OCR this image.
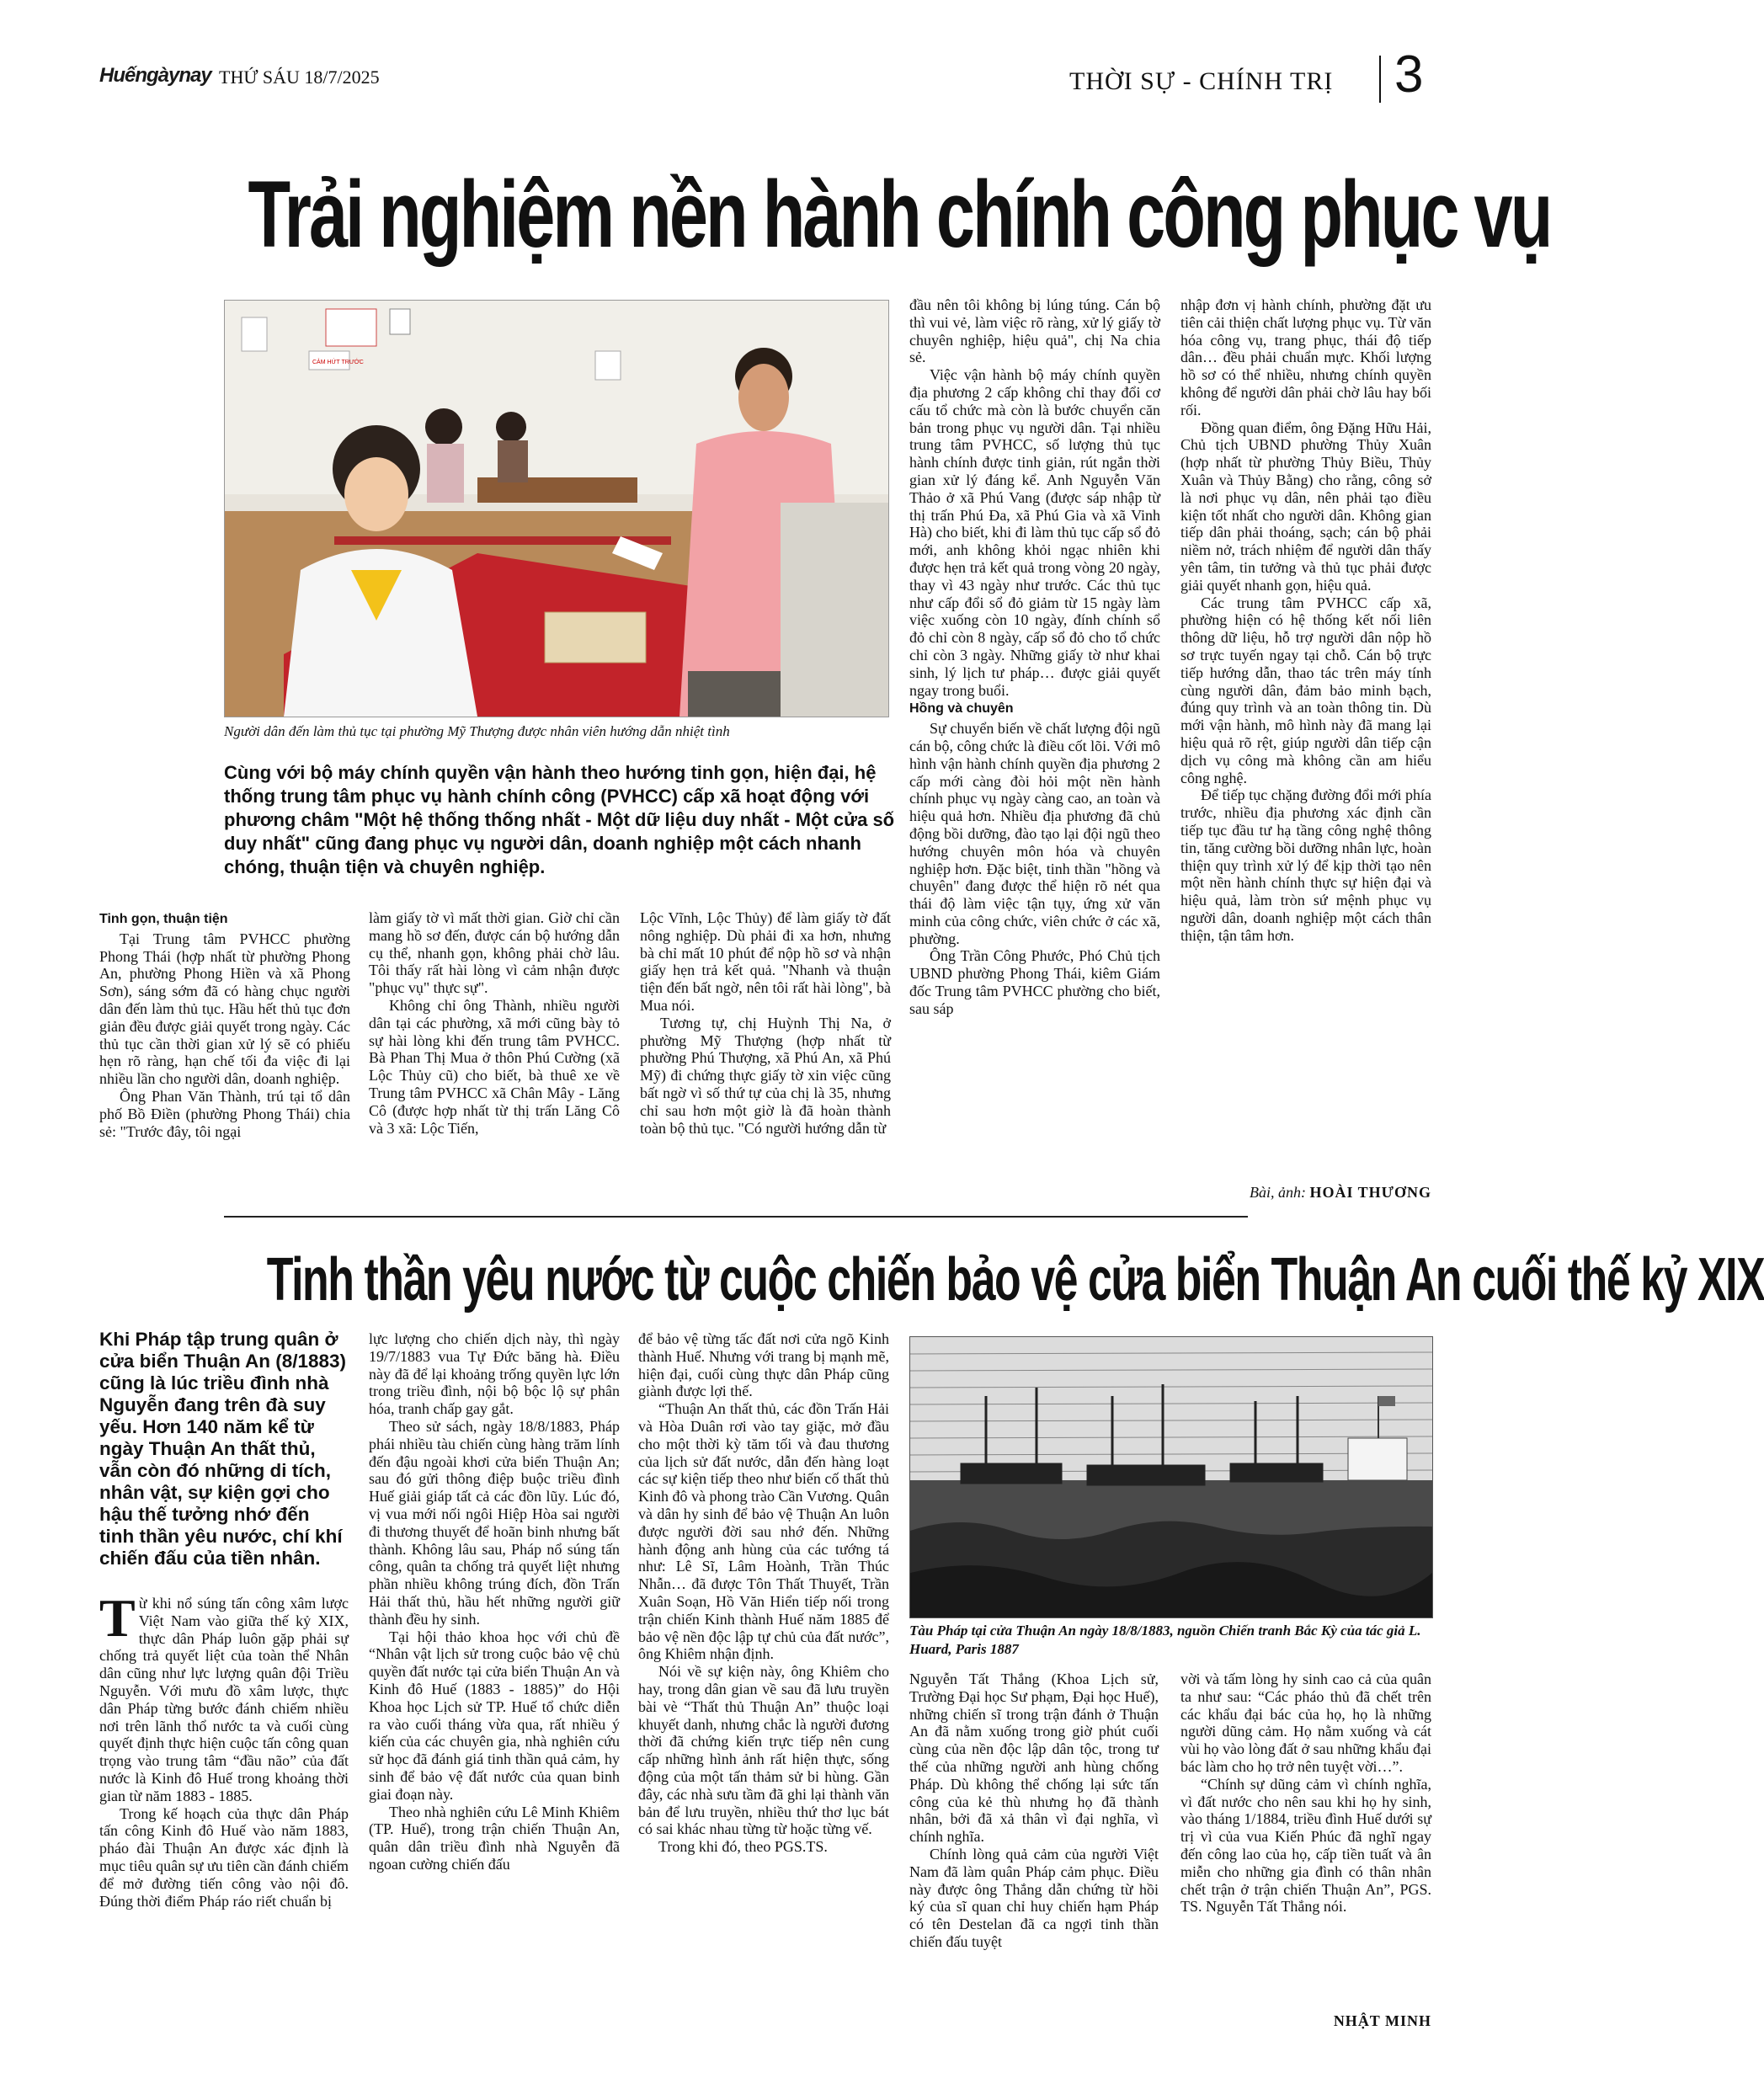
Huếngàynay THỨ SÁU 18/7/2025	THỜI SỰ - CHÍNH TRỊ 3
Trải nghiệm nền hành chính công phục vụ
CẢM HỨT TRƯỚC
Người dân đến làm thủ tục tại phường Mỹ Thượng được nhân viên hướng dẫn nhiệt tình
Cùng với bộ máy chính quyền vận hành theo hướng tinh gọn, hiện đại, hệ thống trung tâm phục vụ hành chính công (PVHCC) cấp xã hoạt động với phương châm "Một hệ thống thống nhất - Một dữ liệu duy nhất - Một cửa số duy nhất" cũng đang phục vụ người dân, doanh nghiệp một cách nhanh chóng, thuận tiện và chuyên nghiệp.
Tinh gọn, thuận tiện

Tại Trung tâm PVHCC phường Phong Thái (hợp nhất từ phường Phong An, phường Phong Hiền và xã Phong Sơn), sáng sớm đã có hàng chục người dân đến làm thủ tục. Hầu hết thủ tục đơn giản đều được giải quyết trong ngày. Các thủ tục cần thời gian xử lý sẽ có phiếu hẹn rõ ràng, hạn chế tối đa việc đi lại nhiều lần cho người dân, doanh nghiệp.

Ông Phan Văn Thành, trú tại tổ dân phố Bồ Điền (phường Phong Thái) chia sẻ: "Trước đây, tôi ngại

làm giấy tờ vì mất thời gian. Giờ chỉ cần mang hồ sơ đến, được cán bộ hướng dẫn cụ thể, nhanh gọn, không phải chờ lâu. Tôi thấy rất hài lòng vì cảm nhận được "phục vụ" thực sự".

Không chỉ ông Thành, nhiều người dân tại các phường, xã mới cũng bày tỏ sự hài lòng khi đến trung tâm PVHCC. Bà Phan Thị Mua ở thôn Phú Cường (xã Lộc Thủy cũ) cho biết, bà thuê xe về Trung tâm PVHCC xã Chân Mây - Lăng Cô (được hợp nhất từ thị trấn Lăng Cô và 3 xã: Lộc Tiến,

Lộc Vĩnh, Lộc Thủy) để làm giấy tờ đất nông nghiệp. Dù phải đi xa hơn, nhưng bà chỉ mất 10 phút để nộp hồ sơ và nhận giấy hẹn trả kết quả. "Nhanh và thuận tiện đến bất ngờ, nên tôi rất hài lòng", bà Mua nói.

Tương tự, chị Huỳnh Thị Na, ở phường Mỹ Thượng (hợp nhất từ phường Phú Thượng, xã Phú An, xã Phú Mỹ) đi chứng thực giấy tờ xin việc cũng bất ngờ vì số thứ tự của chị là 35, nhưng chỉ sau hơn một giờ là đã hoàn thành toàn bộ thủ tục. "Có người hướng dẫn từ

đầu nên tôi không bị lúng túng. Cán bộ thì vui vẻ, làm việc rõ ràng, xử lý giấy tờ chuyên nghiệp, hiệu quả", chị Na chia sẻ.

Việc vận hành bộ máy chính quyền địa phương 2 cấp không chỉ thay đổi cơ cấu tổ chức mà còn là bước chuyển căn bản trong phục vụ người dân. Tại nhiều trung tâm PVHCC, số lượng thủ tục hành chính được tinh giản, rút ngắn thời gian xử lý đáng kể. Anh Nguyễn Văn Thảo ở xã Phú Vang (được sáp nhập từ thị trấn Phú Đa, xã Phú Gia và xã Vinh Hà) cho biết, khi đi làm thủ tục cấp sổ đỏ mới, anh không khỏi ngạc nhiên khi được hẹn trả kết quả trong vòng 20 ngày, thay vì 43 ngày như trước. Các thủ tục như cấp đổi sổ đỏ giảm từ 15 ngày làm việc xuống còn 10 ngày, đính chính sổ đỏ chỉ còn 8 ngày, cấp sổ đỏ cho tổ chức chỉ còn 3 ngày. Những giấy tờ như khai sinh, lý lịch tư pháp… được giải quyết ngay trong buổi.

Hồng và chuyên

Sự chuyển biến về chất lượng đội ngũ cán bộ, công chức là điều cốt lõi. Với mô hình vận hành chính quyền địa phương 2 cấp mới càng đòi hỏi một nền hành chính phục vụ ngày càng cao, an toàn và hiệu quả hơn. Nhiều địa phương đã chủ động bồi dưỡng, đào tạo lại đội ngũ theo hướng chuyên môn hóa và chuyên nghiệp hơn. Đặc biệt, tinh thần "hồng và chuyên" đang được thể hiện rõ nét qua thái độ làm việc tận tụy, ứng xử văn minh của công chức, viên chức ở các xã, phường.

Ông Trần Công Phước, Phó Chủ tịch UBND phường Phong Thái, kiêm Giám đốc Trung tâm PVHCC phường cho biết, sau sáp

nhập đơn vị hành chính, phường đặt ưu tiên cải thiện chất lượng phục vụ. Từ văn hóa công vụ, trang phục, thái độ tiếp dân… đều phải chuẩn mực. Khối lượng hồ sơ có thể nhiều, nhưng chính quyền không để người dân phải chờ lâu hay bối rối.

Đồng quan điểm, ông Đặng Hữu Hải, Chủ tịch UBND phường Thủy Xuân (hợp nhất từ phường Thủy Biều, Thủy Xuân và Thủy Bằng) cho rằng, công sở là nơi phục vụ dân, nên phải tạo điều kiện tốt nhất cho người dân. Không gian tiếp dân phải thoáng, sạch; cán bộ phải niềm nở, trách nhiệm để người dân thấy yên tâm, tin tưởng và thủ tục phải được giải quyết nhanh gọn, hiệu quả.

Các trung tâm PVHCC cấp xã, phường hiện có hệ thống kết nối liên thông dữ liệu, hỗ trợ người dân nộp hồ sơ trực tuyến ngay tại chỗ. Cán bộ trực tiếp hướng dẫn, thao tác trên máy tính cùng người dân, đảm bảo minh bạch, đúng quy trình và an toàn thông tin. Dù mới vận hành, mô hình này đã mang lại hiệu quả rõ rệt, giúp người dân tiếp cận dịch vụ công mà không cần am hiểu công nghệ.

Để tiếp tục chặng đường đổi mới phía trước, nhiều địa phương xác định cần tiếp tục đầu tư hạ tầng công nghệ thông tin, tăng cường bồi dưỡng nhân lực, hoàn thiện quy trình xử lý để kịp thời tạo nên một nền hành chính thực sự hiện đại và hiệu quả, làm tròn sứ mệnh phục vụ người dân, doanh nghiệp một cách thân thiện, tận tâm hơn.

Bài, ảnh: HOÀI THƯƠNG
Tinh thần yêu nước từ cuộc chiến bảo vệ cửa biển Thuận An cuối thế kỷ XIX
Khi Pháp tập trung quân ở cửa biển Thuận An (8/1883) cũng là lúc triều đình nhà Nguyễn đang trên đà suy yếu. Hơn 140 năm kể từ ngày Thuận An thất thủ, vẫn còn đó những di tích, nhân vật, sự kiện gợi cho hậu thế tưởng nhớ đến tinh thần yêu nước, chí khí chiến đấu của tiền nhân.

Từ khi nổ súng tấn công xâm lược Việt Nam vào giữa thế kỷ XIX, thực dân Pháp luôn gặp phải sự chống trả quyết liệt của toàn thể Nhân dân cũng như lực lượng quân đội Triều Nguyễn. Với mưu đồ xâm lược, thực dân Pháp từng bước đánh chiếm nhiều nơi trên lãnh thổ nước ta và cuối cùng quyết định thực hiện cuộc tấn công quan trọng vào trung tâm “đầu não” của đất nước là Kinh đô Huế trong khoảng thời gian từ năm 1883 - 1885.

Trong kế hoạch của thực dân Pháp tấn công Kinh đô Huế vào năm 1883, pháo đài Thuận An được xác định là mục tiêu quân sự ưu tiên cần đánh chiếm để mở đường tiến công vào nội đô. Đúng thời điểm Pháp ráo riết chuẩn bị

lực lượng cho chiến dịch này, thì ngày 19/7/1883 vua Tự Đức băng hà. Điều này đã để lại khoảng trống quyền lực lớn trong triều đình, nội bộ bộc lộ sự phân hóa, tranh chấp gay gắt.

Theo sử sách, ngày 18/8/1883, Pháp phái nhiều tàu chiến cùng hàng trăm lính đến đậu ngoài khơi cửa biển Thuận An; sau đó gửi thông điệp buộc triều đình Huế giải giáp tất cả các đồn lũy. Lúc đó, vị vua mới nối ngôi Hiệp Hòa sai người đi thương thuyết để hoãn binh nhưng bất thành. Không lâu sau, Pháp nổ súng tấn công, quân ta chống trả quyết liệt nhưng phần nhiều không trúng đích, đồn Trấn Hải thất thủ, hầu hết những người giữ thành đều hy sinh.

Tại hội thảo khoa học với chủ đề “Nhân vật lịch sử trong cuộc bảo vệ chủ quyền đất nước tại cửa biển Thuận An và Kinh đô Huế (1883 - 1885)” do Hội Khoa học Lịch sử TP. Huế tổ chức diễn ra vào cuối tháng vừa qua, rất nhiều ý kiến của các chuyên gia, nhà nghiên cứu sử học đã đánh giá tinh thần quả cảm, hy sinh để bảo vệ đất nước của quan binh giai đoạn này.

Theo nhà nghiên cứu Lê Minh Khiêm (TP. Huế), trong trận chiến Thuận An, quân dân triều đình nhà Nguyễn đã ngoan cường chiến đấu

để bảo vệ từng tấc đất nơi cửa ngõ Kinh thành Huế. Nhưng với trang bị mạnh mẽ, hiện đại, cuối cùng thực dân Pháp cũng giành được lợi thế.

“Thuận An thất thủ, các đồn Trấn Hải và Hòa Duân rơi vào tay giặc, mở đầu cho một thời kỳ tăm tối và đau thương của lịch sử đất nước, dẫn đến hàng loạt các sự kiện tiếp theo như biến cố thất thủ Kinh đô và phong trào Cần Vương. Quân và dân hy sinh để bảo vệ Thuận An luôn được người đời sau nhớ đến. Những hành động anh hùng của các tướng tá như: Lê Sĩ, Lâm Hoành, Trần Thúc Nhẫn… đã được Tôn Thất Thuyết, Trần Xuân Soạn, Hồ Văn Hiển tiếp nối trong trận chiến Kinh thành Huế năm 1885 để bảo vệ nền độc lập tự chủ của đất nước”, ông Khiêm nhận định.

Nói về sự kiện này, ông Khiêm cho hay, trong dân gian về sau đã lưu truyền bài vè “Thất thủ Thuận An” thuộc loại khuyết danh, nhưng chắc là người đương thời đã chứng kiến trực tiếp nên cung cấp những hình ảnh rất hiện thực, sống động của một tấn thảm sử bi hùng. Gần đây, các nhà sưu tầm đã ghi lại thành văn bản để lưu truyền, nhiều thứ thơ lục bát có sai khác nhau từng từ hoặc từng vế.

Trong khi đó, theo PGS.TS.

Tàu Pháp tại cửa Thuận An ngày 18/8/1883, nguồn Chiến tranh Bắc Kỳ của tác giả L. Huard, Paris 1887

Nguyễn Tất Thắng (Khoa Lịch sử, Trường Đại học Sư phạm, Đại học Huế), những chiến sĩ trong trận đánh ở Thuận An đã nằm xuống trong giờ phút cuối cùng của nền độc lập dân tộc, trong tư thế của những người anh hùng chống Pháp. Dù không thể chống lại sức tấn công của kẻ thù nhưng họ đã thành nhân, bởi đã xả thân vì đại nghĩa, vì chính nghĩa.

Chính lòng quả cảm của người Việt Nam đã làm quân Pháp cảm phục. Điều này được ông Thắng dẫn chứng từ hồi ký của sĩ quan chỉ huy chiến hạm Pháp có tên Destelan đã ca ngợi tinh thần chiến đấu tuyệt

vời và tấm lòng hy sinh cao cả của quân ta như sau: “Các pháo thủ đã chết trên các khẩu đại bác của họ, họ là những người dũng cảm. Họ nằm xuống và cát vùi họ vào lòng đất ở sau những khẩu đại bác làm cho họ trở nên tuyệt vời…”.

“Chính sự dũng cảm vì chính nghĩa, vì đất nước cho nên sau khi họ hy sinh, vào tháng 1/1884, triều đình Huế dưới sự trị vì của vua Kiến Phúc đã nghĩ ngay đến công lao của họ, cấp tiền tuất và ân miễn cho những gia đình có thân nhân chết trận ở trận chiến Thuận An”, PGS. TS. Nguyễn Tất Thắng nói.

NHẬT MINH
